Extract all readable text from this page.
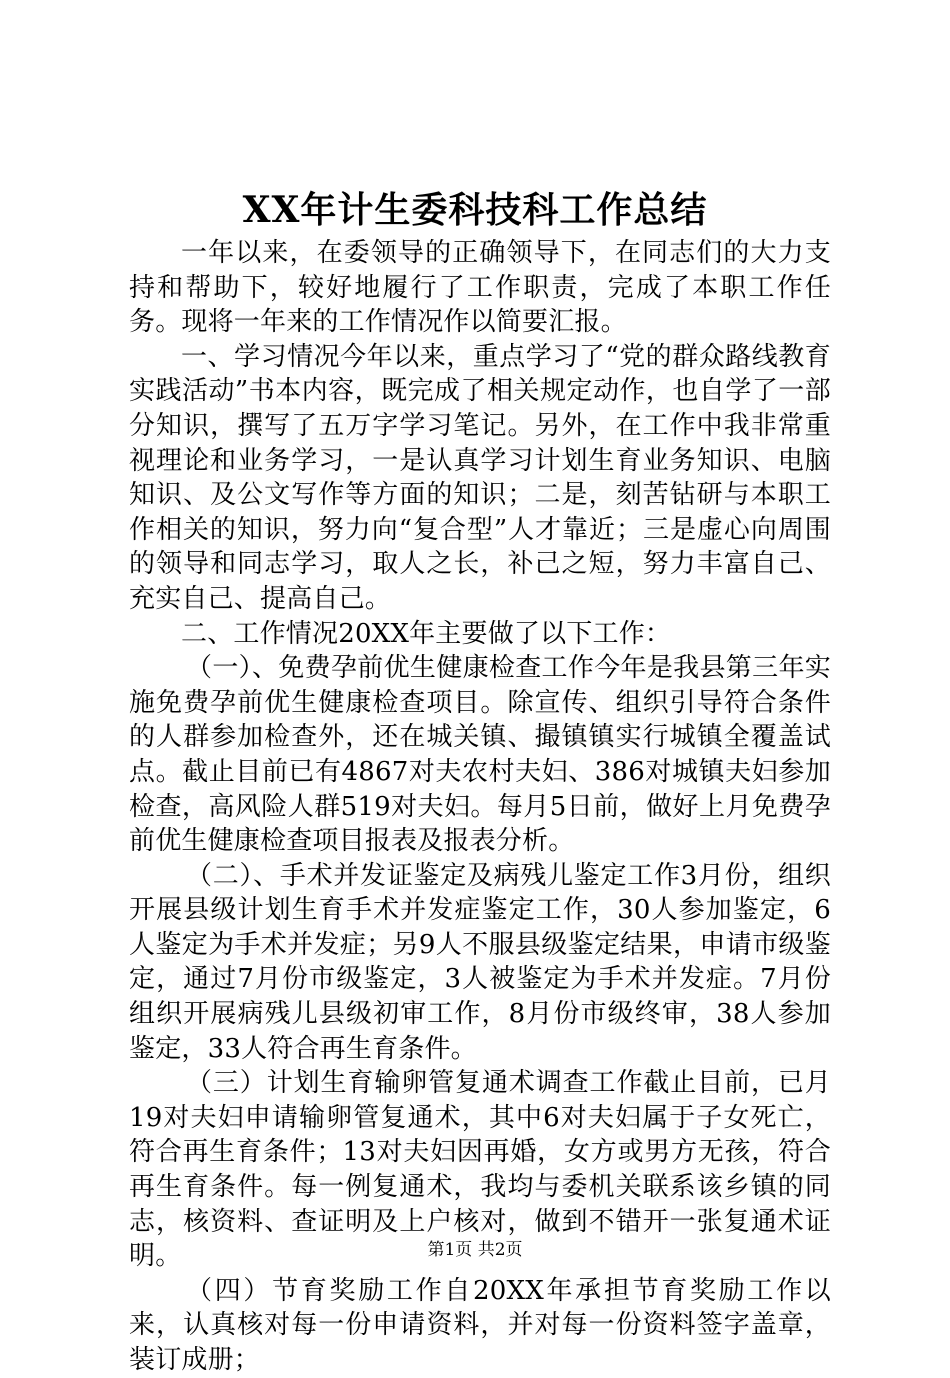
XX年计生委科技科工作总结

一年以来，在委领导的正确领导下，在同志们的大力支持和帮助下，较好地履行了工作职责，完成了本职工作任务。现将一年来的工作情况作以简要汇报。

一、学习情况今年以来，重点学习了“党的群众路线教育实践活动”书本内容，既完成了相关规定动作，也自学了一部分知识，撰写了五万字学习笔记。另外，在工作中我非常重视理论和业务学习，一是认真学习计划生育业务知识、电脑知识、及公文写作等方面的知识；二是，刻苦钻研与本职工作相关的知识，努力向“复合型”人才靠近；三是虚心向周围的领导和同志学习，取人之长，补己之短，努力丰富自己、充实自己、提高自己。

二、工作情况20XX年主要做了以下工作：

（一）、免费孕前优生健康检查工作今年是我县第三年实施免费孕前优生健康检查项目。除宣传、组织引导符合条件的人群参加检查外，还在城关镇、撮镇镇实行城镇全覆盖试点。截止目前已有4867对夫农村夫妇、386对城镇夫妇参加检查，高风险人群519对夫妇。每月5日前，做好上月免费孕前优生健康检查项目报表及报表分析。

（二）、手术并发证鉴定及病残儿鉴定工作3月份，组织开展县级计划生育手术并发症鉴定工作，30人参加鉴定，6人鉴定为手术并发症；另9人不服县级鉴定结果，申请市级鉴定，通过7月份市级鉴定，3人被鉴定为手术并发症。7月份组织开展病残儿县级初审工作，8月份市级终审，38人参加鉴定，33人符合再生育条件。

（三）计划生育输卵管复通术调查工作截止目前，已月19对夫妇申请输卵管复通术，其中6对夫妇属于子女死亡，符合再生育条件；13对夫妇因再婚，女方或男方无孩，符合再生育条件。每一例复通术，我均与委机关联系该乡镇的同志，核资料、查证明及上户核对，做到不错开一张复通术证明。

（四）节育奖励工作自20XX年承担节育奖励工作以来，认真核对每一份申请资料，并对每一份资料签字盖章，装订成册；

第1页 共2页
